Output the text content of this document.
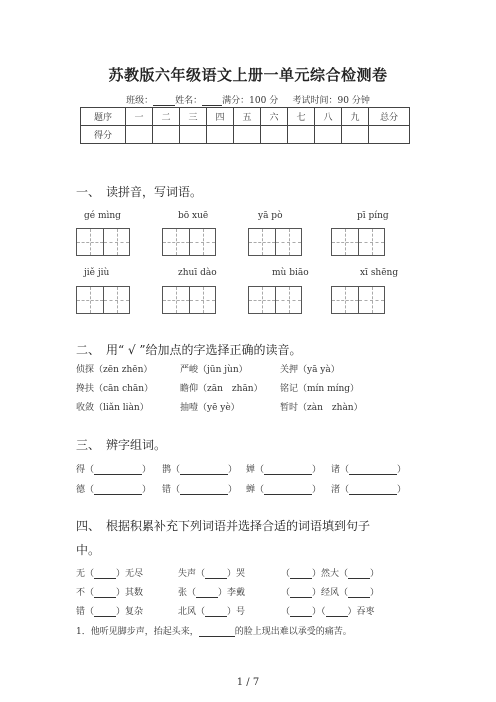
苏教版六年级语文上册一单元综合检测卷
班级： 姓名： 满分：100 分 考试时间：90 分钟
题序	一	二	三	四	五	六	七	八	九	总分
得分										
一、　读拼音，写词语。
gé mìng	bō xuē	yā pò	pī píng
jiě jiù	zhuī dào	mù biāo	xī shēng
二、　用“ √ ”给加点的字选择正确的读音。
侦探（zēn zhēn）	严峻（jūn jùn）	关押（yā yà）
搀扶（cān chān）	瞻仰（zān　zhān） 铭记（mín míng）
收敛（liǎn liàn）	抽噎（yē yè）	暂时（zàn　zhàn）
三、　辨字组词。
得（	） 鹊（	） 婵（	） 诸（	）
德（	） 错（	） 蝉（	） 渚（	）
四、　根据积累补充下列词语并选择合适的词语填到句子
中。
无（ ）无尽	失声（ ）哭	（ ）然大（ ）
不（ ）其数	张（ ）李戴	（ ）经风（ ）
错（ ）复杂	北风（ ）号	（ ）（ ）吞枣
1．他听见脚步声，抬起头来，	的脸上现出难以承受的痛苦。
1 / 7
